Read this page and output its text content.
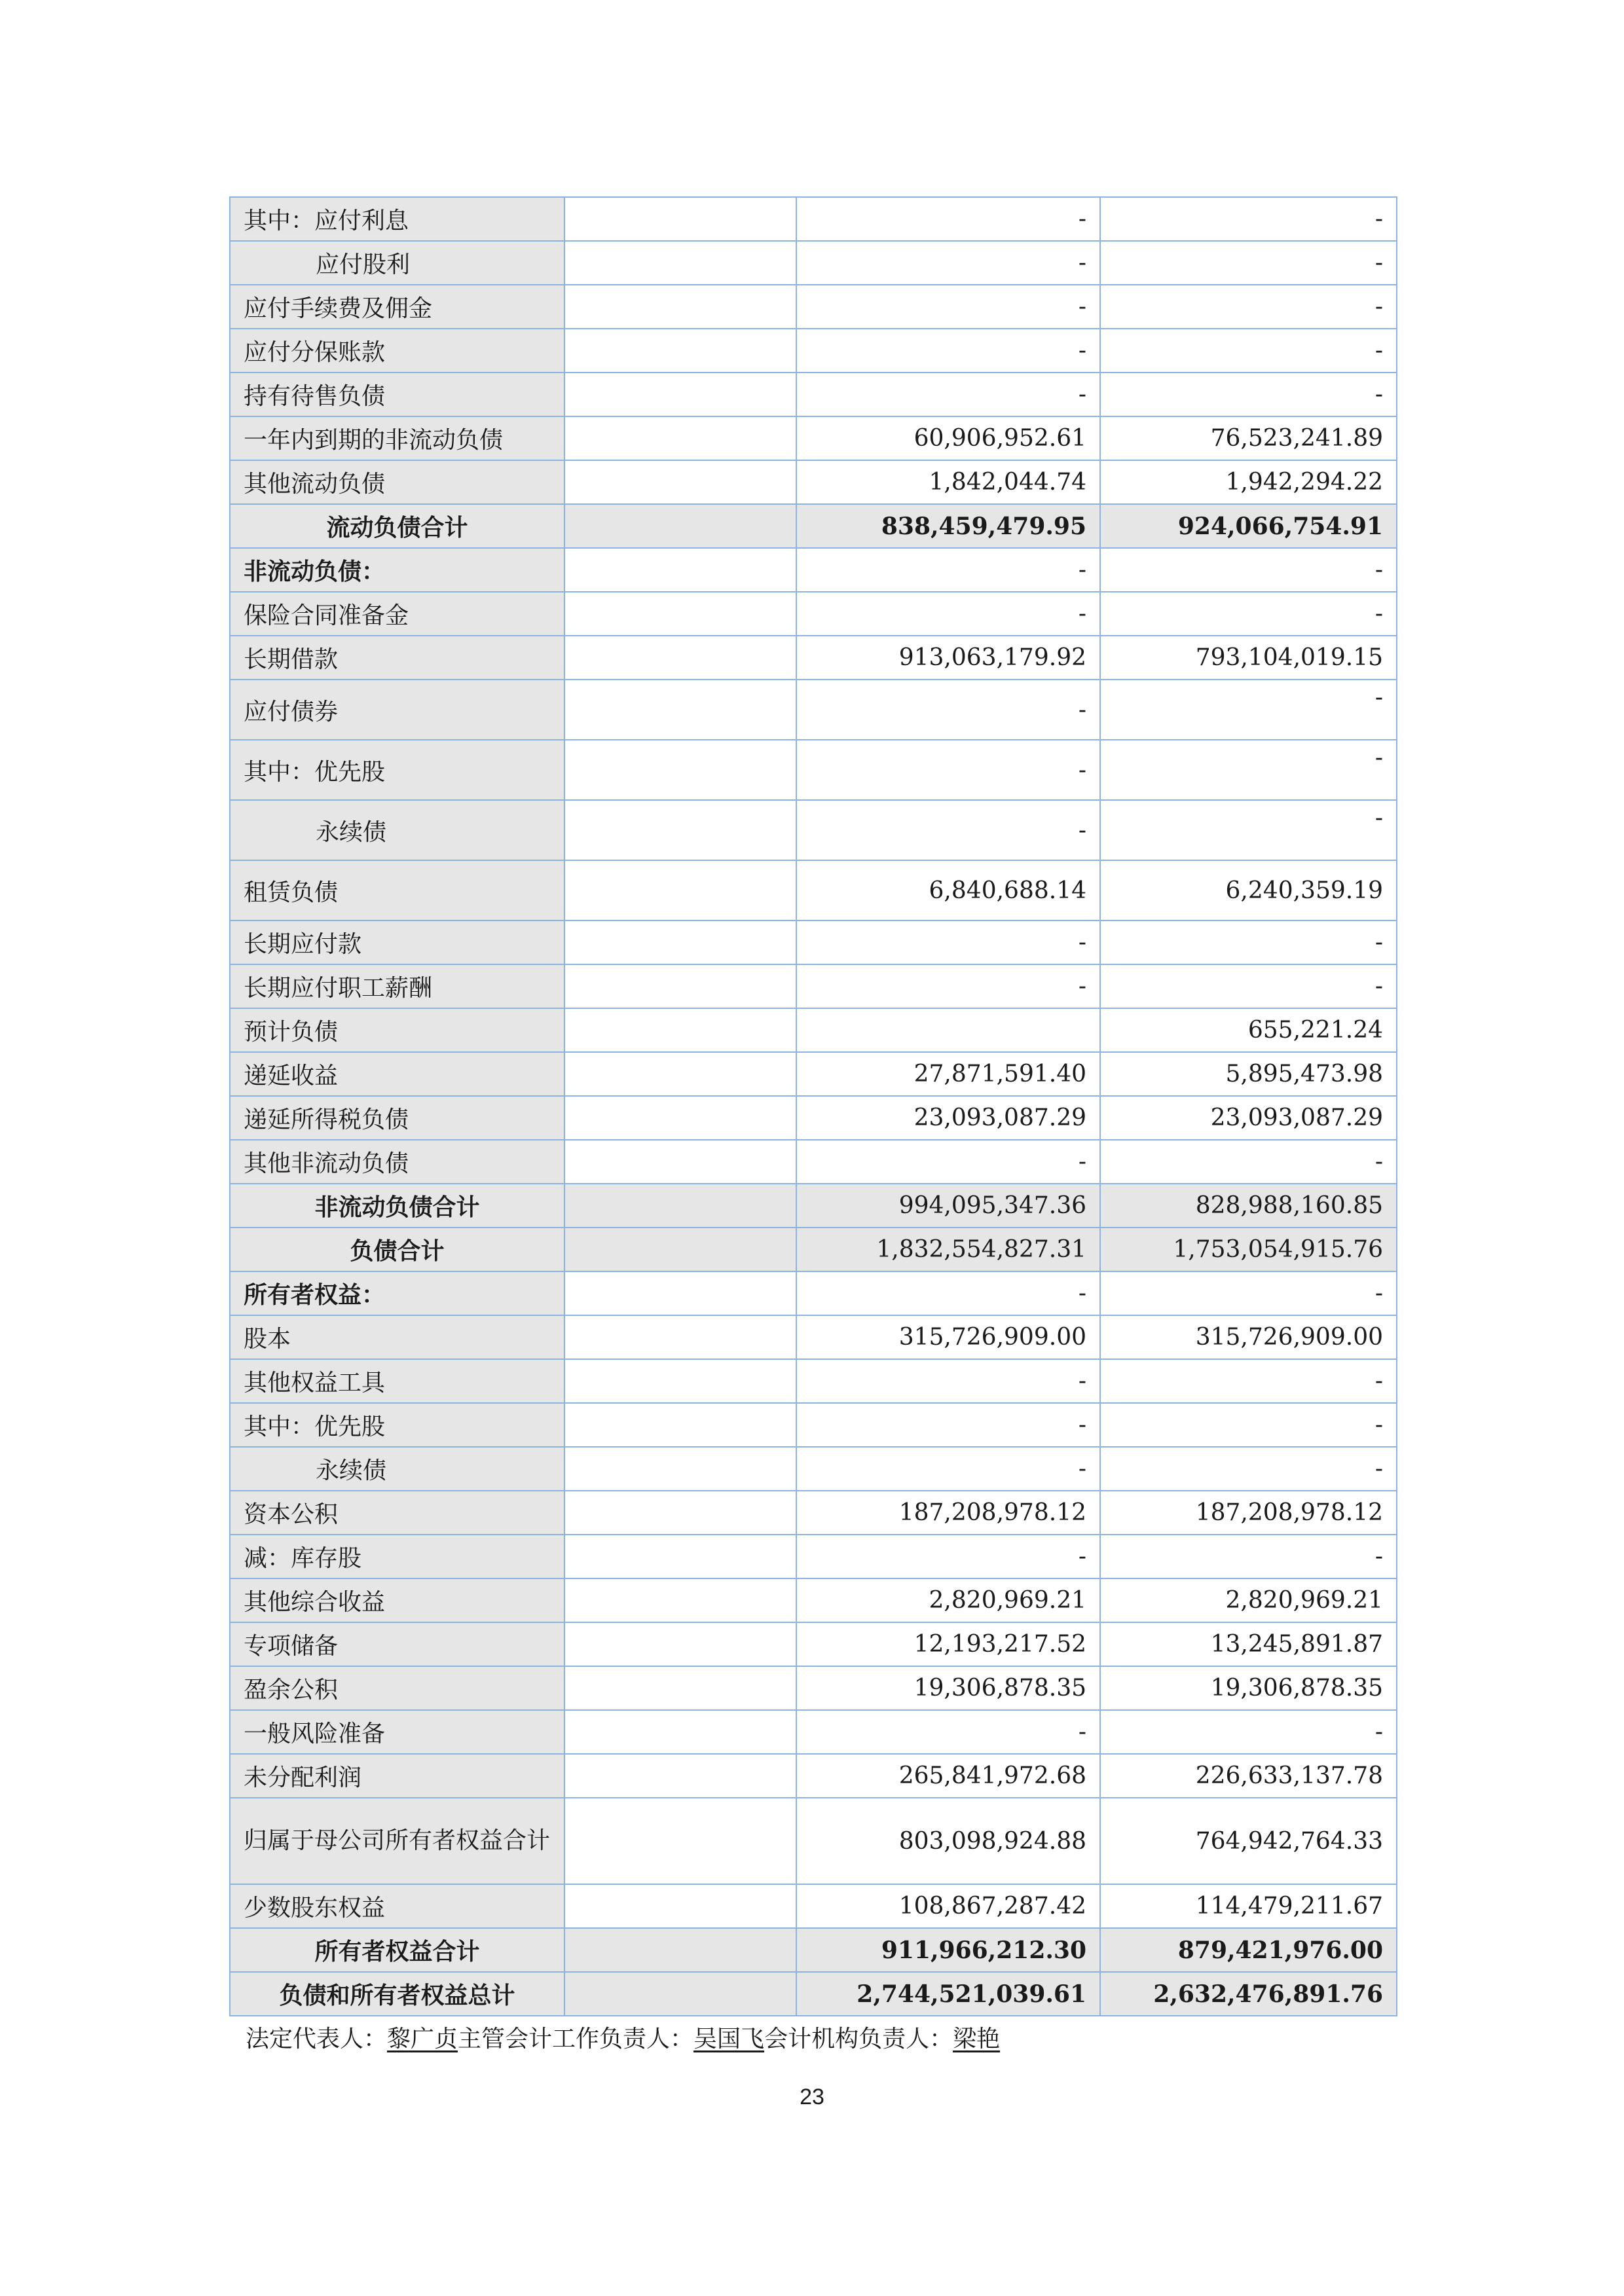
其中：应付利息		-	-
应付股利		-	-
应付手续费及佣金		-	-
应付分保账款		-	-
持有待售负债		-	-
一年内到期的非流动负债		60,906,952.61	76,523,241.89
其他流动负债		1,842,044.74	1,942,294.22
流动负债合计		838,459,479.95	924,066,754.91
非流动负债：		-	-
保险合同准备金		-	-
长期借款		913,063,179.92	793,104,019.15
应付债券		-	-
其中：优先股		-	-
永续债		-	-
租赁负债		6,840,688.14	6,240,359.19
长期应付款		-	-
长期应付职工薪酬		-	-
预计负债			655,221.24
递延收益		27,871,591.40	5,895,473.98
递延所得税负债		23,093,087.29	23,093,087.29
其他非流动负债		-	-
非流动负债合计		994,095,347.36	828,988,160.85
负债合计		1,832,554,827.31	1,753,054,915.76
所有者权益：		-	-
股本		315,726,909.00	315,726,909.00
其他权益工具		-	-
其中：优先股		-	-
永续债		-	-
资本公积		187,208,978.12	187,208,978.12
减：库存股		-	-
其他综合收益		2,820,969.21	2,820,969.21
专项储备		12,193,217.52	13,245,891.87
盈余公积		19,306,878.35	19,306,878.35
一般风险准备		-	-
未分配利润		265,841,972.68	226,633,137.78
归属于母公司所有者权益合计		803,098,924.88	764,942,764.33
少数股东权益		108,867,287.42	114,479,211.67
所有者权益合计		911,966,212.30	879,421,976.00
负债和所有者权益总计		2,744,521,039.61	2,632,476,891.76
法定代表人：黎广贞主管会计工作负责人：吴国飞会计机构负责人：梁艳
23
